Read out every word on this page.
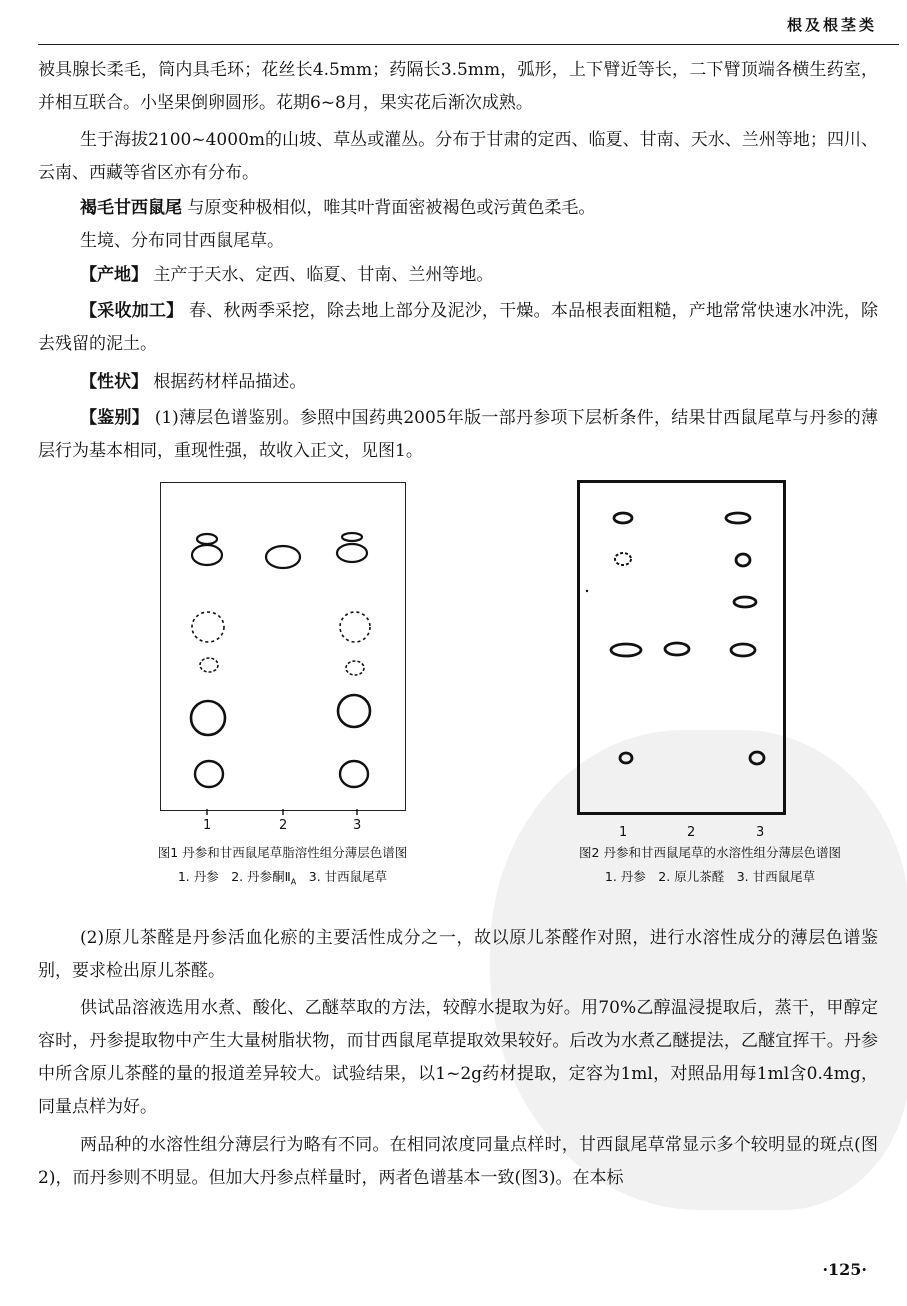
根及根茎类
被具腺长柔毛，筒内具毛环；花丝长4.5mm；药隔长3.5mm，弧形，上下臂近等长，二下臂顶端各横生药室，并相互联合。小坚果倒卵圆形。花期6~8月，果实花后渐次成熟。
生于海拔2100~4000m的山坡、草丛或灌丛。分布于甘肃的定西、临夏、甘南、天水、兰州等地；四川、云南、西藏等省区亦有分布。
褐毛甘西鼠尾 与原变种极相似，唯其叶背面密被褐色或污黄色柔毛。
生境、分布同甘西鼠尾草。
【产地】 主产于天水、定西、临夏、甘南、兰州等地。
【采收加工】 春、秋两季采挖，除去地上部分及泥沙，干燥。本品根表面粗糙，产地常常快速水冲洗，除去残留的泥土。
【性状】 根据药材样品描述。
【鉴别】 (1)薄层色谱鉴别。参照中国药典2005年版一部丹参项下层析条件，结果甘西鼠尾草与丹参的薄层行为基本相同，重现性强，故收入正文，见图1。
1	2	3
图1 丹参和甘西鼠尾草脂溶性组分薄层色谱图
1. 丹参　2. 丹参酮$Ⅱ_A$　3. 甘西鼠尾草
1	2	3
图2 丹参和甘西鼠尾草的水溶性组分薄层色谱图
1. 丹参　2. 原儿茶醛　3. 甘西鼠尾草
(2)原儿茶醛是丹参活血化瘀的主要活性成分之一，故以原儿茶醛作对照，进行水溶性成分的薄层色谱鉴别，要求检出原儿茶醛。
供试品溶液选用水煮、酸化、乙醚萃取的方法，较醇水提取为好。用70%乙醇温浸提取后，蒸干，甲醇定容时，丹参提取物中产生大量树脂状物，而甘西鼠尾草提取效果较好。后改为水煮乙醚提法，乙醚宜挥干。丹参中所含原儿茶醛的量的报道差异较大。试验结果，以1~2g药材提取，定容为1ml，对照品用每1ml含0.4mg，同量点样为好。
两品种的水溶性组分薄层行为略有不同。在相同浓度同量点样时，甘西鼠尾草常显示多个较明显的斑点(图2)，而丹参则不明显。但加大丹参点样量时，两者色谱基本一致(图3)。在本标
·125·
